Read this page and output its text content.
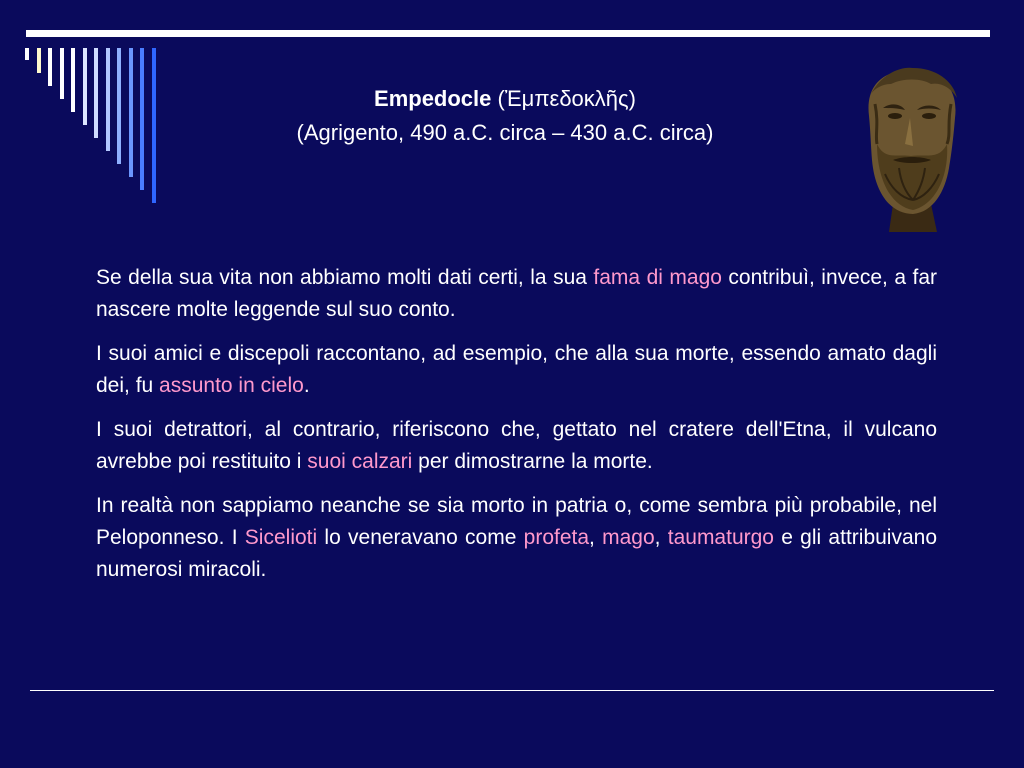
Empedocle (Ἐμπεδοκλῆς)
(Agrigento, 490 a.C. circa – 430 a.C. circa)

Se della sua vita non abbiamo molti dati certi, la sua fama di mago contribuì, invece, a far nascere molte leggende sul suo conto.

I suoi amici e discepoli raccontano, ad esempio, che alla sua morte, essendo amato dagli dei, fu assunto in cielo.

I suoi detrattori, al contrario, riferiscono che, gettato nel cratere dell'Etna, il vulcano avrebbe poi restituito i suoi calzari per dimostrarne la morte.

In realtà non sappiamo neanche se sia morto in patria o, come sembra più probabile, nel Peloponneso. I Sicelioti lo veneravano come profeta, mago, taumaturgo e gli attribuivano numerosi miracoli.
